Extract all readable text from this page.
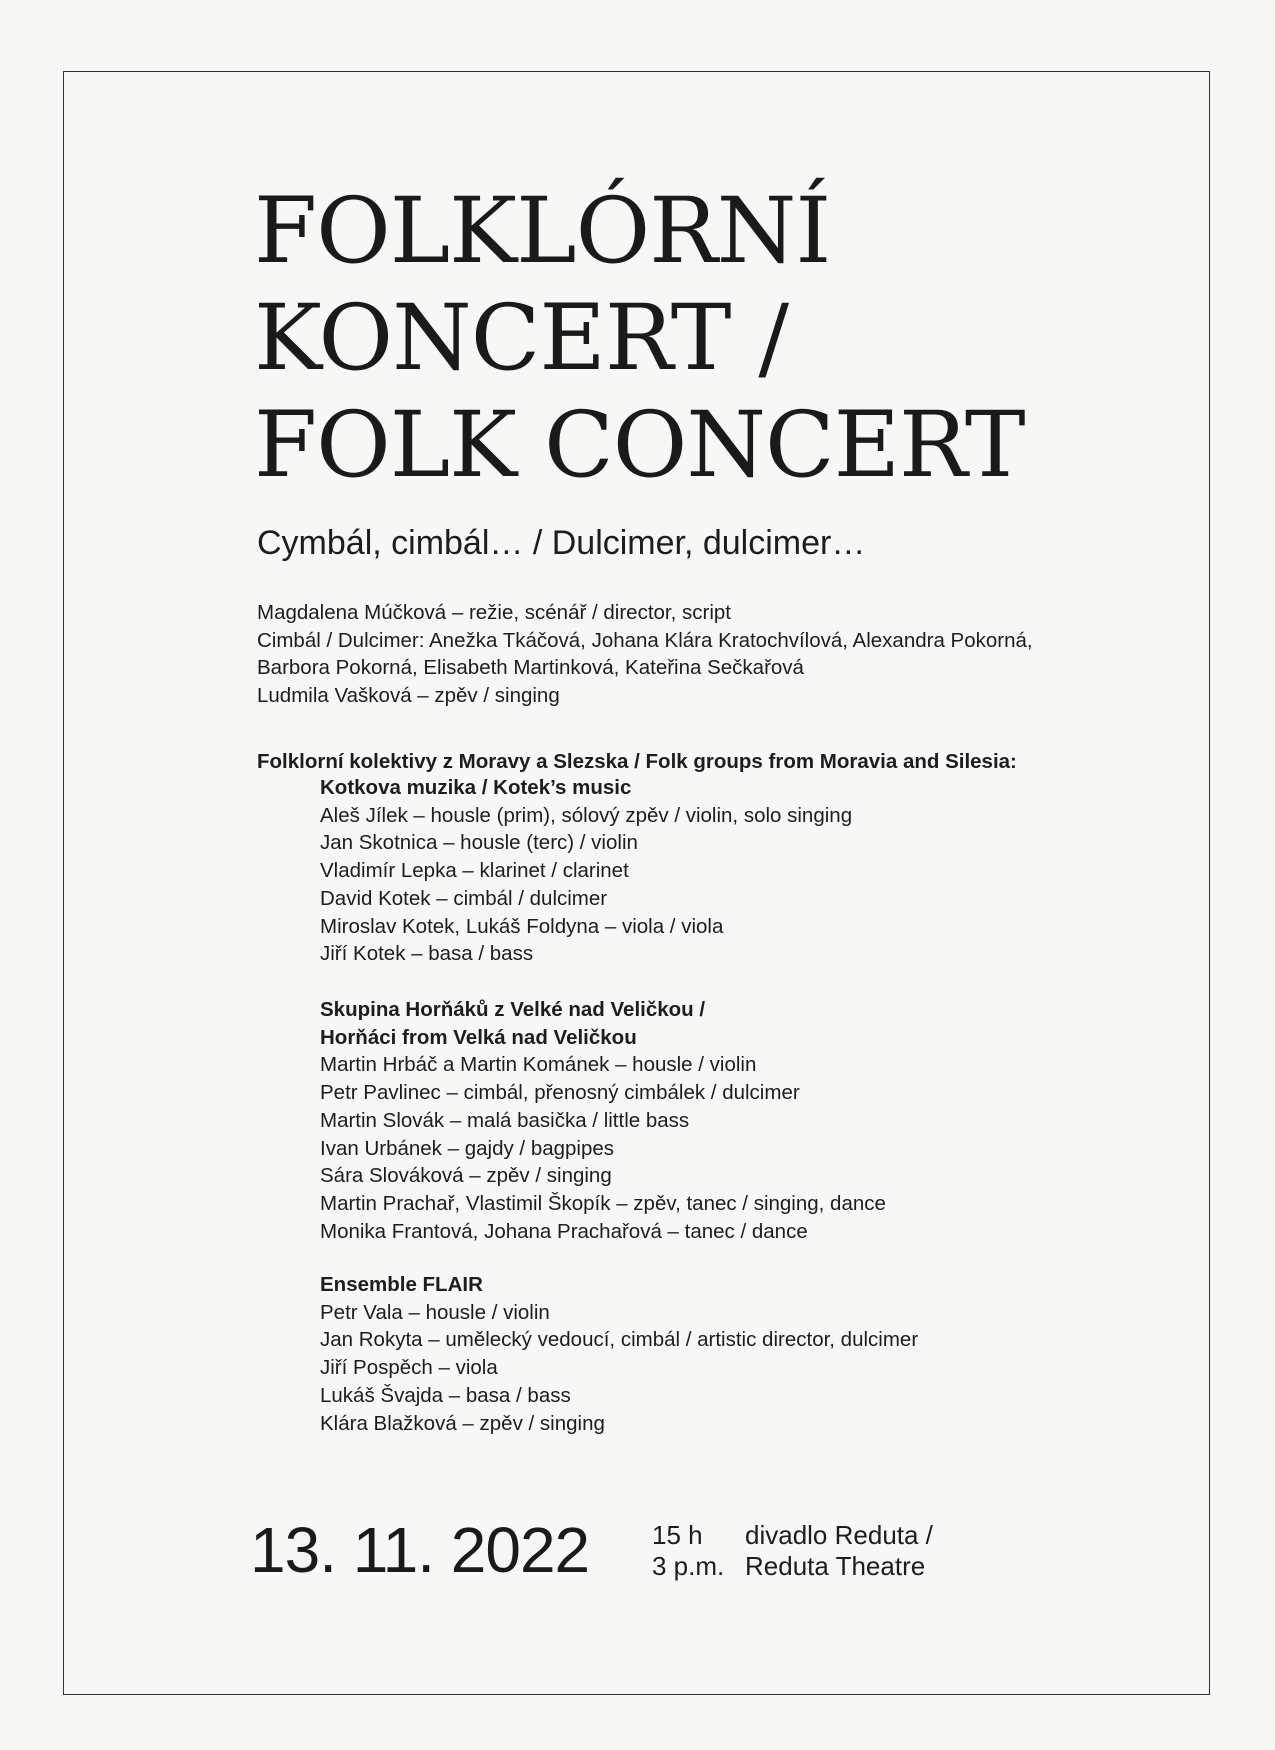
FOLKLÓRNÍ
KONCERT /
FOLK CONCERT
Cymbál, cimbál… / Dulcimer, dulcimer…
Magdalena Múčková – režie, scénář / director, script
Cimbál / Dulcimer: Anežka Tkáčová, Johana Klára Kratochvílová, Alexandra Pokorná,
Barbora Pokorná, Elisabeth Martinková, Kateřina Sečkařová
Ludmila Vašková – zpěv / singing
Folklorní kolektivy z Moravy a Slezska / Folk groups from Moravia and Silesia:
Kotkova muzika / Kotek’s music
Aleš Jílek – housle (prim), sólový zpěv / violin, solo singing
Jan Skotnica – housle (terc) / violin
Vladimír Lepka – klarinet / clarinet
David Kotek – cimbál / dulcimer
Miroslav Kotek, Lukáš Foldyna – viola / viola
Jiří Kotek – basa / bass
Skupina Horňáků z Velké nad Veličkou /
Horňáci from Velká nad Veličkou
Martin Hrbáč a Martin Kománek – housle / violin
Petr Pavlinec – cimbál, přenosný cimbálek / dulcimer
Martin Slovák – malá basička / little bass
Ivan Urbánek – gajdy / bagpipes
Sára Slováková – zpěv / singing
Martin Prachař, Vlastimil Škopík – zpěv, tanec / singing, dance
Monika Frantová, Johana Prachařová – tanec / dance
Ensemble FLAIR
Petr Vala – housle / violin
Jan Rokyta – umělecký vedoucí, cimbál / artistic director, dulcimer
Jiří Pospěch – viola
Lukáš Švajda – basa / bass
Klára Blažková – zpěv / singing
13. 11. 2022 15 h
3 p.m.
divadlo Reduta /
Reduta Theatre
